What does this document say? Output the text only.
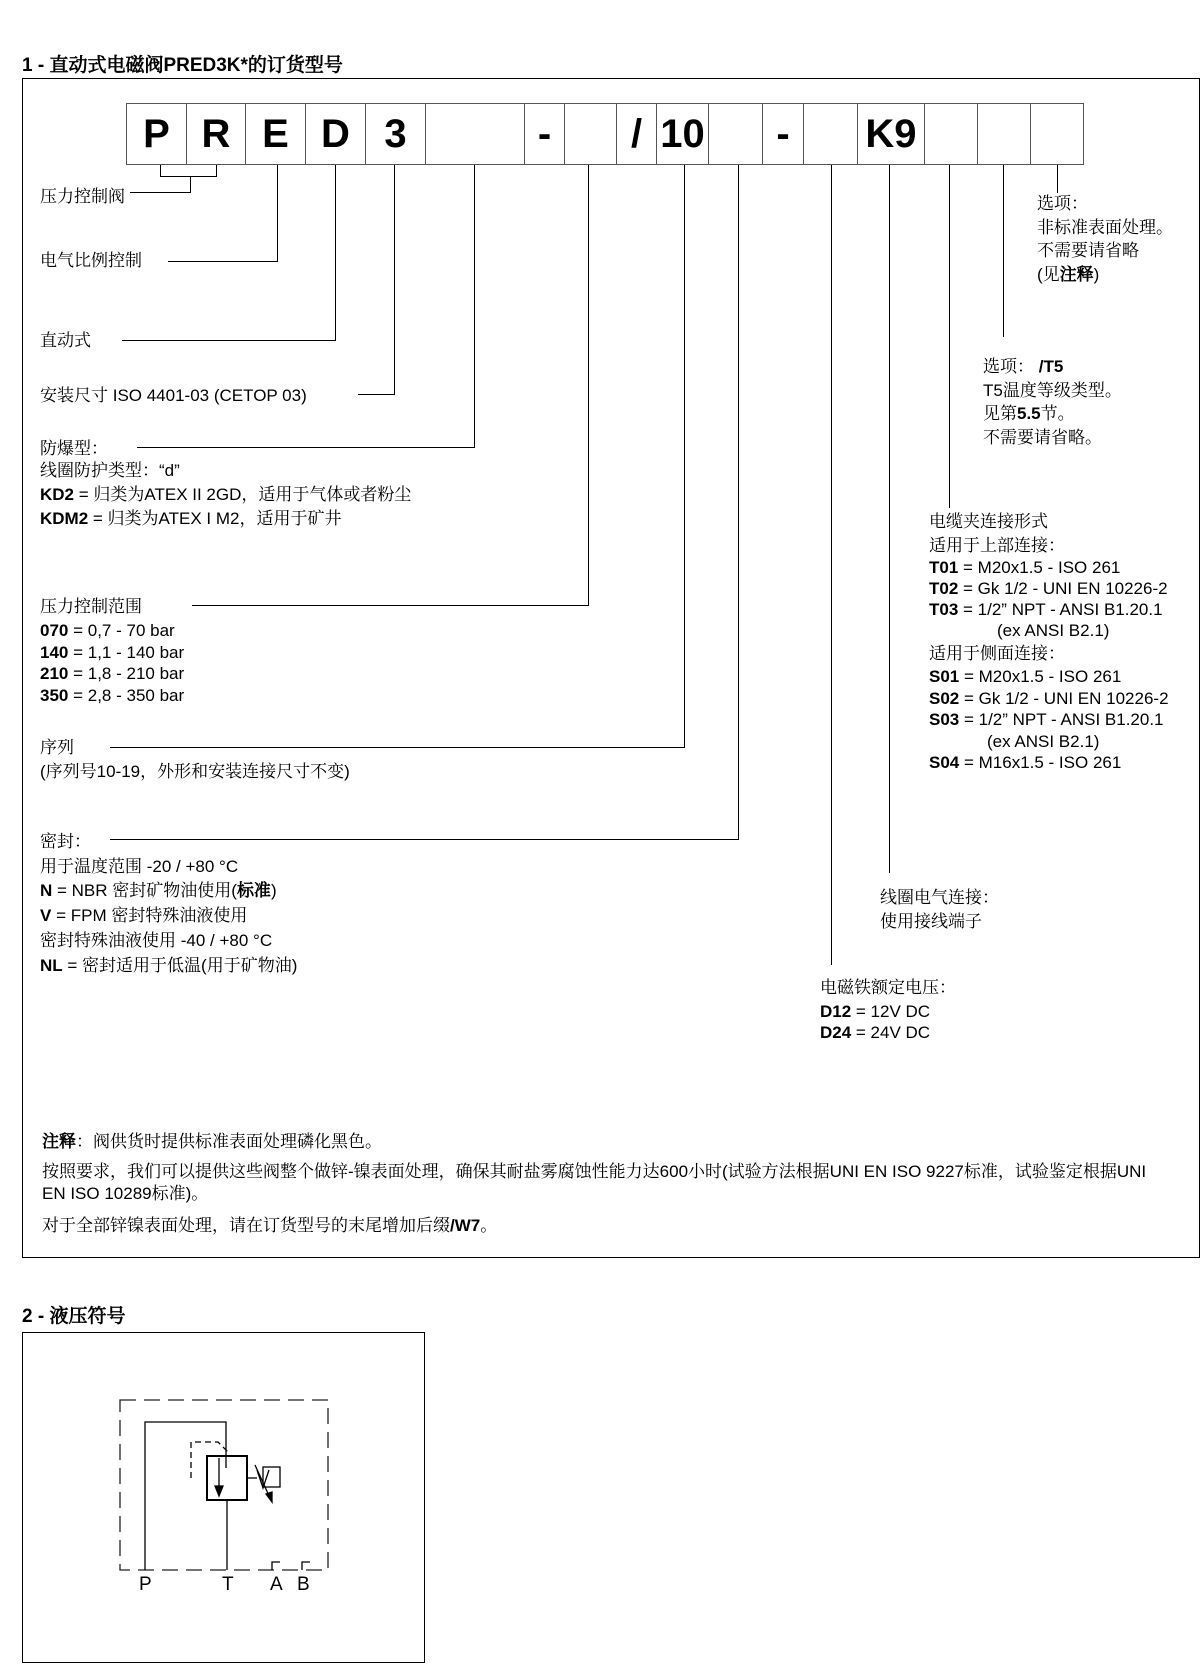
1 - 直动式电磁阀PRED3K*的订货型号
P R E D 3	-	/ 10	-	K9
压力控制阀
电气比例控制
直动式
安装尺寸 ISO 4401-03 (CETOP 03)
防爆型：
线圈防护类型：“d”
KD2 = 归类为ATEX II 2GD，适用于气体或者粉尘
KDM2 = 归类为ATEX I M2，适用于矿井
压力控制范围
070 = 0,7 - 70 bar
140 = 1,1 - 140 bar
210 = 1,8 - 210 bar
350 = 2,8 - 350 bar
序列
(序列号10-19，外形和安装连接尺寸不变)
密封：
用于温度范围 -20 / +80 °C
N = NBR 密封矿物油使用(标准)
V = FPM 密封特殊油液使用
密封特殊油液使用 -40 / +80 °C
NL = 密封适用于低温(用于矿物油)
选项：
非标准表面处理。
不需要请省略
(见注释)
选项： /T5
T5温度等级类型。
见第5.5节。
不需要请省略。
电缆夹连接形式
适用于上部连接：
T01 = M20x1.5 - ISO 261
T02 = Gk 1/2 - UNI EN 10226-2
T03 = 1/2” NPT - ANSI B1.20.1
(ex ANSI B2.1)
适用于侧面连接：
S01 = M20x1.5 - ISO 261
S02 = Gk 1/2 - UNI EN 10226-2
S03 = 1/2” NPT - ANSI B1.20.1
(ex ANSI B2.1)
S04 = M16x1.5 - ISO 261
线圈电气连接：
使用接线端子
电磁铁额定电压：
D12 = 12V DC
D24 = 24V DC
注释：阀供货时提供标准表面处理磷化黑色。
按照要求，我们可以提供这些阀整个做锌-镍表面处理，确保其耐盐雾腐蚀性能力达600小时(试验方法根据UNI EN ISO 9227标准，试验鉴定根据UNI EN ISO 10289标准)。
对于全部锌镍表面处理，请在订货型号的末尾增加后缀/W7。
2 - 液压符号
P	T A B
